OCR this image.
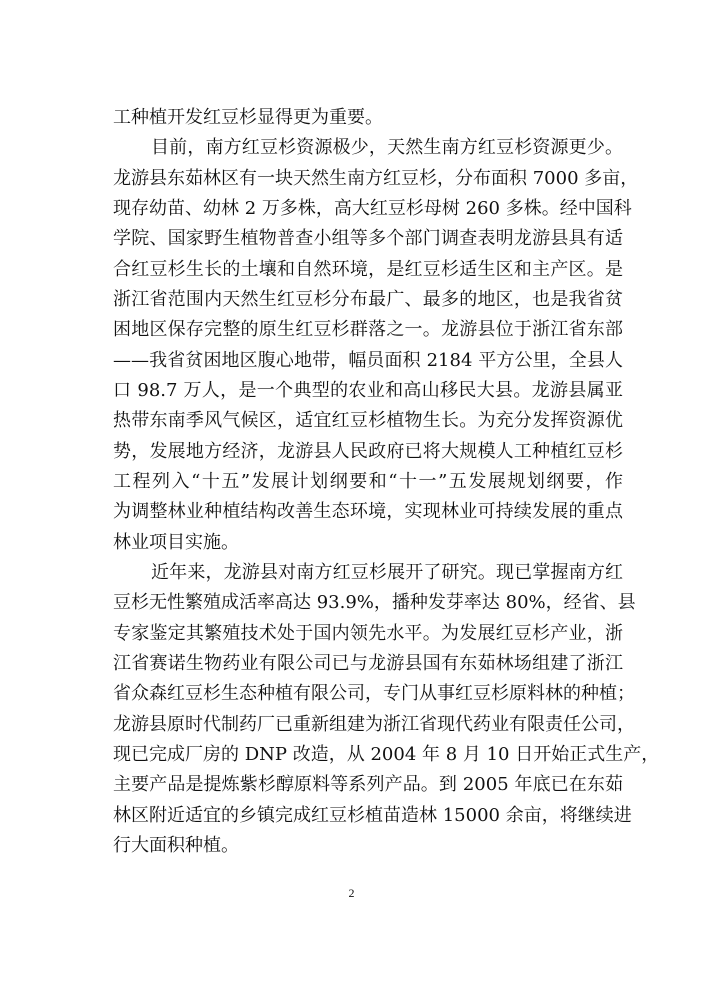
工种植开发红豆杉显得更为重要。
目前，南方红豆杉资源极少，天然生南方红豆杉资源更少。
龙游县东茹林区有一块天然生南方红豆杉，分布面积 7000 多亩，
现存幼苗、幼林 2 万多株，高大红豆杉母树 260 多株。经中国科
学院、国家野生植物普查小组等多个部门调查表明龙游县具有适
合红豆杉生长的土壤和自然环境，是红豆杉适生区和主产区。是
浙江省范围内天然生红豆杉分布最广、最多的地区，也是我省贫
困地区保存完整的原生红豆杉群落之一。龙游县位于浙江省东部
——我省贫困地区腹心地带，幅员面积 2184 平方公里，全县人
口 98.7 万人，是一个典型的农业和高山移民大县。龙游县属亚
热带东南季风气候区，适宜红豆杉植物生长。为充分发挥资源优
势，发展地方经济，龙游县人民政府已将大规模人工种植红豆杉
工程列入“十五”发展计划纲要和“十一”五发展规划纲要，作
为调整林业种植结构改善生态环境，实现林业可持续发展的重点
林业项目实施。
近年来，龙游县对南方红豆杉展开了研究。现已掌握南方红
豆杉无性繁殖成活率高达 93.9%，播种发芽率达 80%，经省、县
专家鉴定其繁殖技术处于国内领先水平。为发展红豆杉产业，浙
江省赛诺生物药业有限公司已与龙游县国有东茹林场组建了浙江
省众森红豆杉生态种植有限公司，专门从事红豆杉原料林的种植；
龙游县原时代制药厂已重新组建为浙江省现代药业有限责任公司，
现已完成厂房的 DNP 改造，从 2004 年 8 月 10 日开始正式生产，
主要产品是提炼紫杉醇原料等系列产品。到 2005 年底已在东茹
林区附近适宜的乡镇完成红豆杉植苗造林 15000 余亩，将继续进
行大面积种植。
2
